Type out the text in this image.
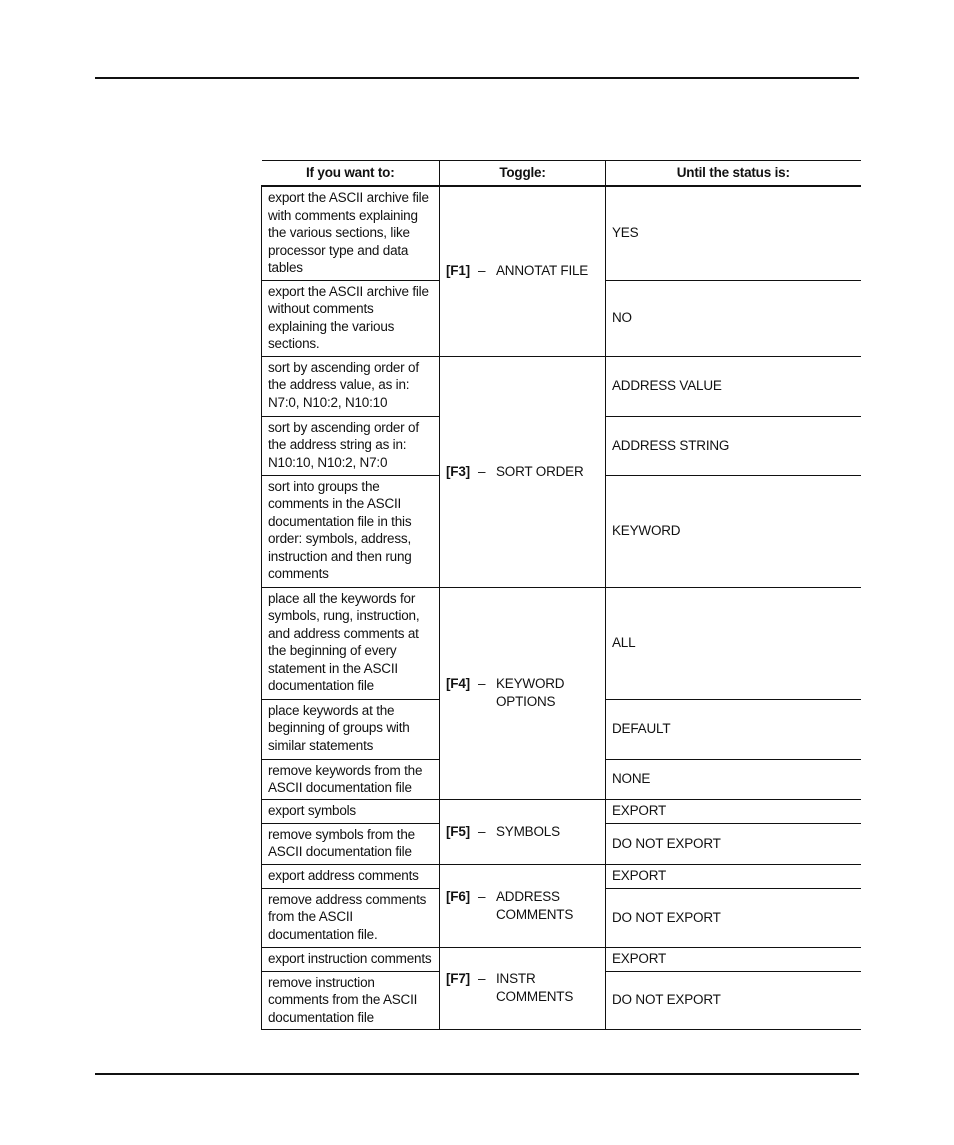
If you want to:	Toggle:	Until the status is:
export the ASCII archive file with comments explaining the various sections, like processor type and data tables	[F1] – ANNOTAT FILE	YES
export the ASCII archive file without comments explaining the various sections.		NO
sort by ascending order of the address value, as in: N7:0, N10:2, N10:10	[F3] – SORT ORDER	ADDRESS VALUE
sort by ascending order of the address string as in: N10:10, N10:2, N7:0		ADDRESS STRING
sort into groups the comments in the ASCII documentation file in this order: symbols, address, instruction and then rung comments		KEYWORD
place all the keywords for symbols, rung, instruction, and address comments at the beginning of every statement in the ASCII documentation file	[F4] – KEYWORD OPTIONS	ALL
place keywords at the beginning of groups with similar statements		DEFAULT
remove keywords from the ASCII documentation file		NONE
export symbols	[F5] – SYMBOLS	EXPORT
remove symbols from the ASCII documentation file		DO NOT EXPORT
export address comments	[F6] – ADDRESS COMMENTS	EXPORT
remove address comments from the ASCII documentation file.		DO NOT EXPORT
export instruction comments	[F7] – INSTR COMMENTS	EXPORT
remove instruction comments from the ASCII documentation file		DO NOT EXPORT
